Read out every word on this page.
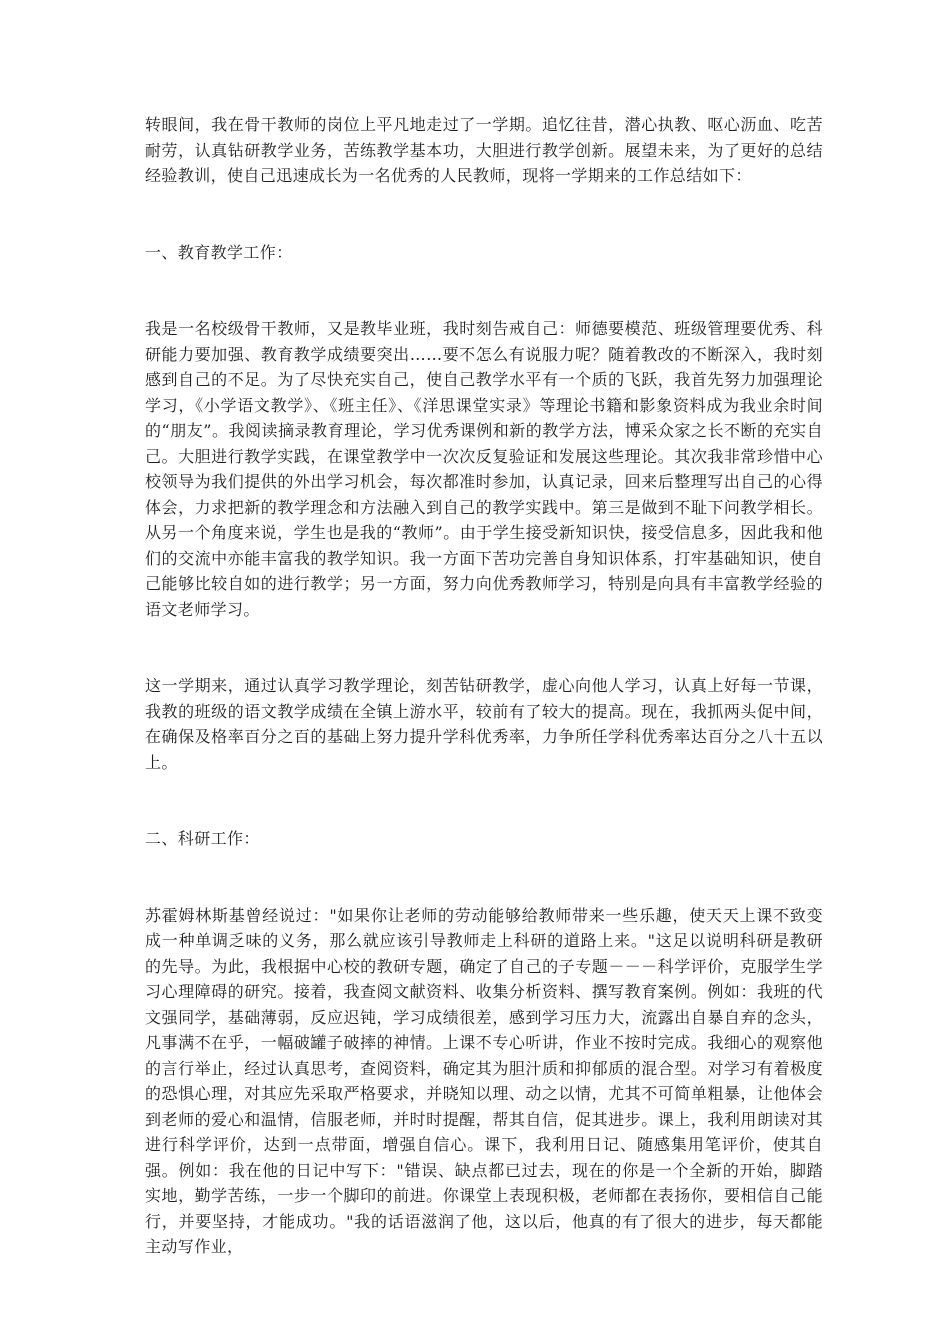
转眼间，我在骨干教师的岗位上平凡地走过了一学期。追忆往昔，潜心执教、呕心沥血、吃苦耐劳，认真钻研教学业务，苦练教学基本功，大胆进行教学创新。展望未来，为了更好的总结经验教训，使自己迅速成长为一名优秀的人民教师，现将一学期来的工作总结如下：

一、教育教学工作：

我是一名校级骨干教师，又是教毕业班，我时刻告戒自己：师德要模范、班级管理要优秀、科研能力要加强、教育教学成绩要突出……要不怎么有说服力呢？随着教改的不断深入，我时刻感到自己的不足。为了尽快充实自己，使自己教学水平有一个质的飞跃，我首先努力加强理论学习，《小学语文教学》、《班主任》、《洋思课堂实录》等理论书籍和影象资料成为我业余时间的“朋友”。我阅读摘录教育理论，学习优秀课例和新的教学方法，博采众家之长不断的充实自己。大胆进行教学实践，在课堂教学中一次次反复验证和发展这些理论。其次我非常珍惜中心校领导为我们提供的外出学习机会，每次都准时参加，认真记录，回来后整理写出自己的心得体会，力求把新的教学理念和方法融入到自己的教学实践中。第三是做到不耻下问教学相长。从另一个角度来说，学生也是我的“教师”。由于学生接受新知识快，接受信息多，因此我和他们的交流中亦能丰富我的教学知识。我一方面下苦功完善自身知识体系，打牢基础知识，使自己能够比较自如的进行教学；另一方面，努力向优秀教师学习，特别是向具有丰富教学经验的语文老师学习。

这一学期来，通过认真学习教学理论，刻苦钻研教学，虚心向他人学习，认真上好每一节课，我教的班级的语文教学成绩在全镇上游水平，较前有了较大的提高。现在，我抓两头促中间，在确保及格率百分之百的基础上努力提升学科优秀率，力争所任学科优秀率达百分之八十五以上。

二、科研工作：

苏霍姆林斯基曾经说过："如果你让老师的劳动能够给教师带来一些乐趣，使天天上课不致变成一种单调乏味的义务，那么就应该引导教师走上科研的道路上来。"这足以说明科研是教研的先导。为此，我根据中心校的教研专题，确定了自己的子专题－－－科学评价，克服学生学习心理障碍的研究。接着，我查阅文献资料、收集分析资料、撰写教育案例。例如：我班的代文强同学，基础薄弱，反应迟钝，学习成绩很差，感到学习压力大，流露出自暴自弃的念头，凡事满不在乎，一幅破罐子破摔的神情。上课不专心听讲，作业不按时完成。我细心的观察他的言行举止，经过认真思考，查阅资料，确定其为胆汁质和抑郁质的混合型。对学习有着极度的恐惧心理，对其应先采取严格要求，并晓知以理、动之以情，尤其不可简单粗暴，让他体会到老师的爱心和温情，信服老师，并时时提醒，帮其自信，促其进步。课上，我利用朗读对其进行科学评价，达到一点带面，增强自信心。课下，我利用日记、随感集用笔评价，使其自强。例如：我在他的日记中写下："错误、缺点都已过去，现在的你是一个全新的开始，脚踏实地，勤学苦练，一步一个脚印的前进。你课堂上表现积极，老师都在表扬你，要相信自己能行，并要坚持，才能成功。"我的话语滋润了他，这以后，他真的有了很大的进步，每天都能主动写作业，
